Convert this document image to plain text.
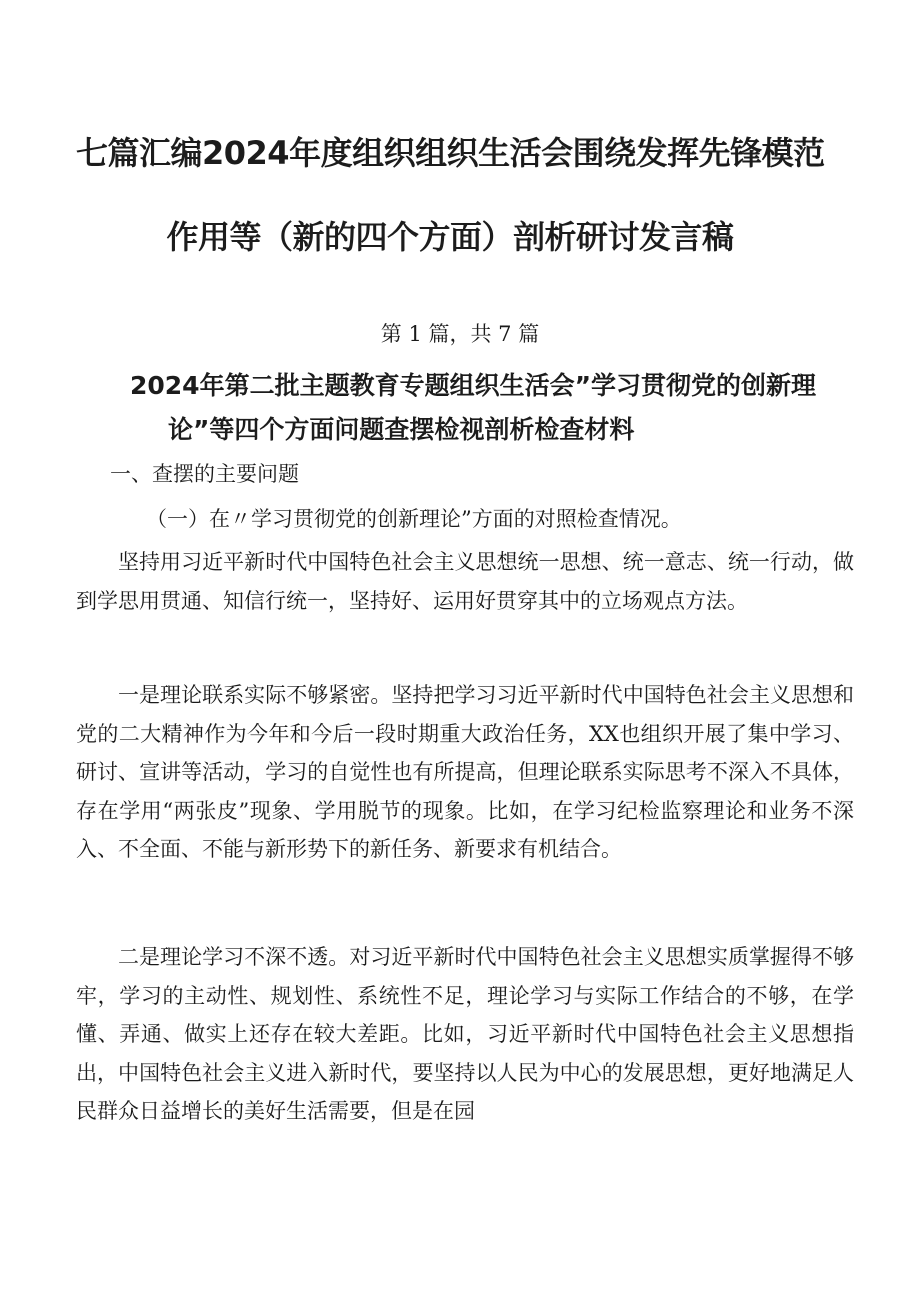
七篇汇编2024年度组织组织生活会围绕发挥先锋模范
作用等（新的四个方面）剖析研讨发言稿
第 1 篇，共 7 篇
2024年第二批主题教育专题组织生活会”学习贯彻党的创新理
论”等四个方面问题查摆检视剖析检查材料
一、查摆的主要问题
（一）在〃学习贯彻党的创新理论”方面的对照检查情况。

坚持用习近平新时代中国特色社会主义思想统一思想、统一意志、统一行动，做到学思用贯通、知信行统一，坚持好、运用好贯穿其中的立场观点方法。

一是理论联系实际不够紧密。坚持把学习习近平新时代中国特色社会主义思想和党的二大精神作为今年和今后一段时期重大政治任务，XX也组织开展了集中学习、研讨、宣讲等活动，学习的自觉性也有所提高，但理论联系实际思考不深入不具体，存在学用“两张皮”现象、学用脱节的现象。比如，在学习纪检监察理论和业务不深入、不全面、不能与新形势下的新任务、新要求有机结合。

二是理论学习不深不透。对习近平新时代中国特色社会主义思想实质掌握得不够牢，学习的主动性、规划性、系统性不足，理论学习与实际工作结合的不够，在学懂、弄通、做实上还存在较大差距。比如，习近平新时代中国特色社会主义思想指出，中国特色社会主义进入新时代，要坚持以人民为中心的发展思想，更好地满足人民群众日益增长的美好生活需要，但是在园
